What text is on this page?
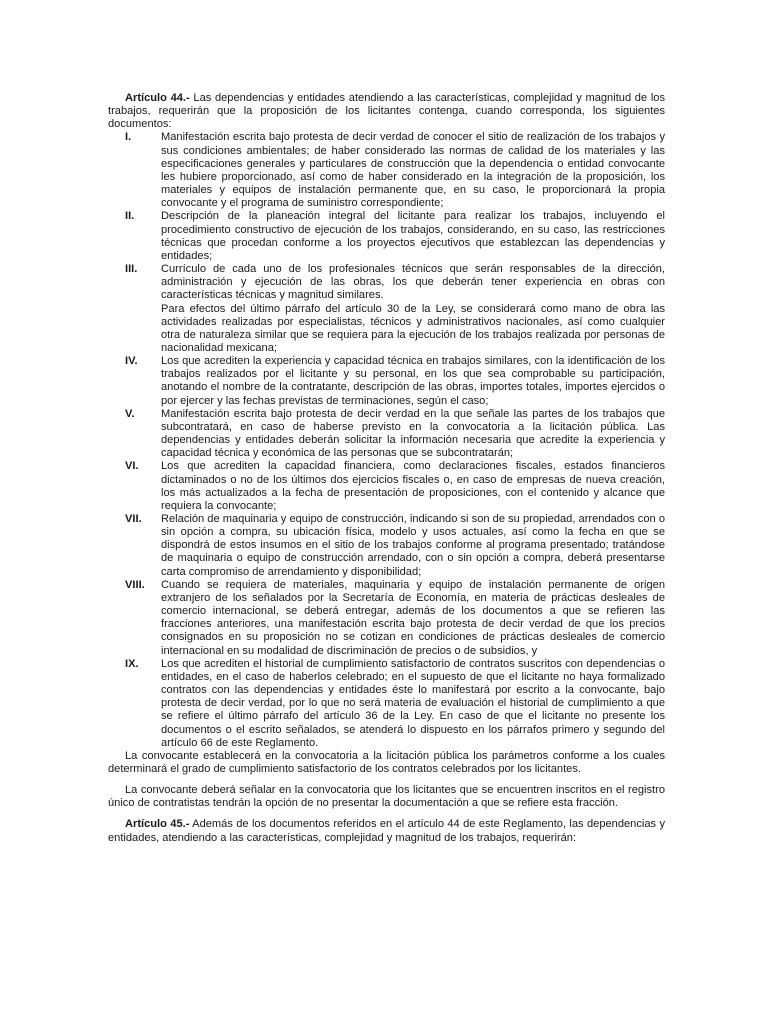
Artículo 44.- Las dependencias y entidades atendiendo a las características, complejidad y magnitud de los trabajos, requerirán que la proposición de los licitantes contenga, cuando corresponda, los siguientes documentos:

I.	Manifestación escrita bajo protesta de decir verdad de conocer el sitio de realización de los trabajos y sus condiciones ambientales; de haber considerado las normas de calidad de los materiales y las especificaciones generales y particulares de construcción que la dependencia o entidad convocante les hubiere proporcionado, así como de haber considerado en la integración de la proposición, los materiales y equipos de instalación permanente que, en su caso, le proporcionará la propia convocante y el programa de suministro correspondiente;
II.	Descripción de la planeación integral del licitante para realizar los trabajos, incluyendo el procedimiento constructivo de ejecución de los trabajos, considerando, en su caso, las restricciones técnicas que procedan conforme a los proyectos ejecutivos que establezcan las dependencias y entidades;
III.	Currículo de cada uno de los profesionales técnicos que serán responsables de la dirección, administración y ejecución de las obras, los que deberán tener experiencia en obras con características técnicas y magnitud similares.

Para efectos del último párrafo del artículo 30 de la Ley, se considerará como mano de obra las actividades realizadas por especialistas, técnicos y administrativos nacionales, así como cualquier otra de naturaleza similar que se requiera para la ejecución de los trabajos realizada por personas de nacionalidad mexicana;

IV.	Los que acrediten la experiencia y capacidad técnica en trabajos similares, con la identificación de los trabajos realizados por el licitante y su personal, en los que sea comprobable su participación, anotando el nombre de la contratante, descripción de las obras, importes totales, importes ejercidos o por ejercer y las fechas previstas de terminaciones, según el caso;
V.	Manifestación escrita bajo protesta de decir verdad en la que señale las partes de los trabajos que subcontratará, en caso de haberse previsto en la convocatoria a la licitación pública. Las dependencias y entidades deberán solicitar la información necesaria que acredite la experiencia y capacidad técnica y económica de las personas que se subcontratarán;
VI.	Los que acrediten la capacidad financiera, como declaraciones fiscales, estados financieros dictaminados o no de los últimos dos ejercicios fiscales o, en caso de empresas de nueva creación, los más actualizados a la fecha de presentación de proposiciones, con el contenido y alcance que requiera la convocante;
VII.	Relación de maquinaria y equipo de construcción, indicando si son de su propiedad, arrendados con o sin opción a compra, su ubicación física, modelo y usos actuales, así como la fecha en que se dispondrá de estos insumos en el sitio de los trabajos conforme al programa presentado; tratándose de maquinaria o equipo de construcción arrendado, con o sin opción a compra, deberá presentarse carta compromiso de arrendamiento y disponibilidad;
VIII.	Cuando se requiera de materiales, maquinaria y equipo de instalación permanente de origen extranjero de los señalados por la Secretaría de Economía, en materia de prácticas desleales de comercio internacional, se deberá entregar, además de los documentos a que se refieren las fracciones anteriores, una manifestación escrita bajo protesta de decir verdad de que los precios consignados en su proposición no se cotizan en condiciones de prácticas desleales de comercio internacional en su modalidad de discriminación de precios o de subsidios, y
IX.	Los que acrediten el historial de cumplimiento satisfactorio de contratos suscritos con dependencias o entidades, en el caso de haberlos celebrado; en el supuesto de que el licitante no haya formalizado contratos con las dependencias y entidades éste lo manifestará por escrito a la convocante, bajo protesta de decir verdad, por lo que no será materia de evaluación el historial de cumplimiento a que se refiere el último párrafo del artículo 36 de la Ley. En caso de que el licitante no presente los documentos o el escrito señalados, se atenderá lo dispuesto en los párrafos primero y segundo del artículo 66 de este Reglamento.

La convocante establecerá en la convocatoria a la licitación pública los parámetros conforme a los cuales determinará el grado de cumplimiento satisfactorio de los contratos celebrados por los licitantes.

La convocante deberá señalar en la convocatoria que los licitantes que se encuentren inscritos en el registro único de contratistas tendrán la opción de no presentar la documentación a que se refiere esta fracción.

Artículo 45.- Además de los documentos referidos en el artículo 44 de este Reglamento, las dependencias y entidades, atendiendo a las características, complejidad y magnitud de los trabajos, requerirán:
